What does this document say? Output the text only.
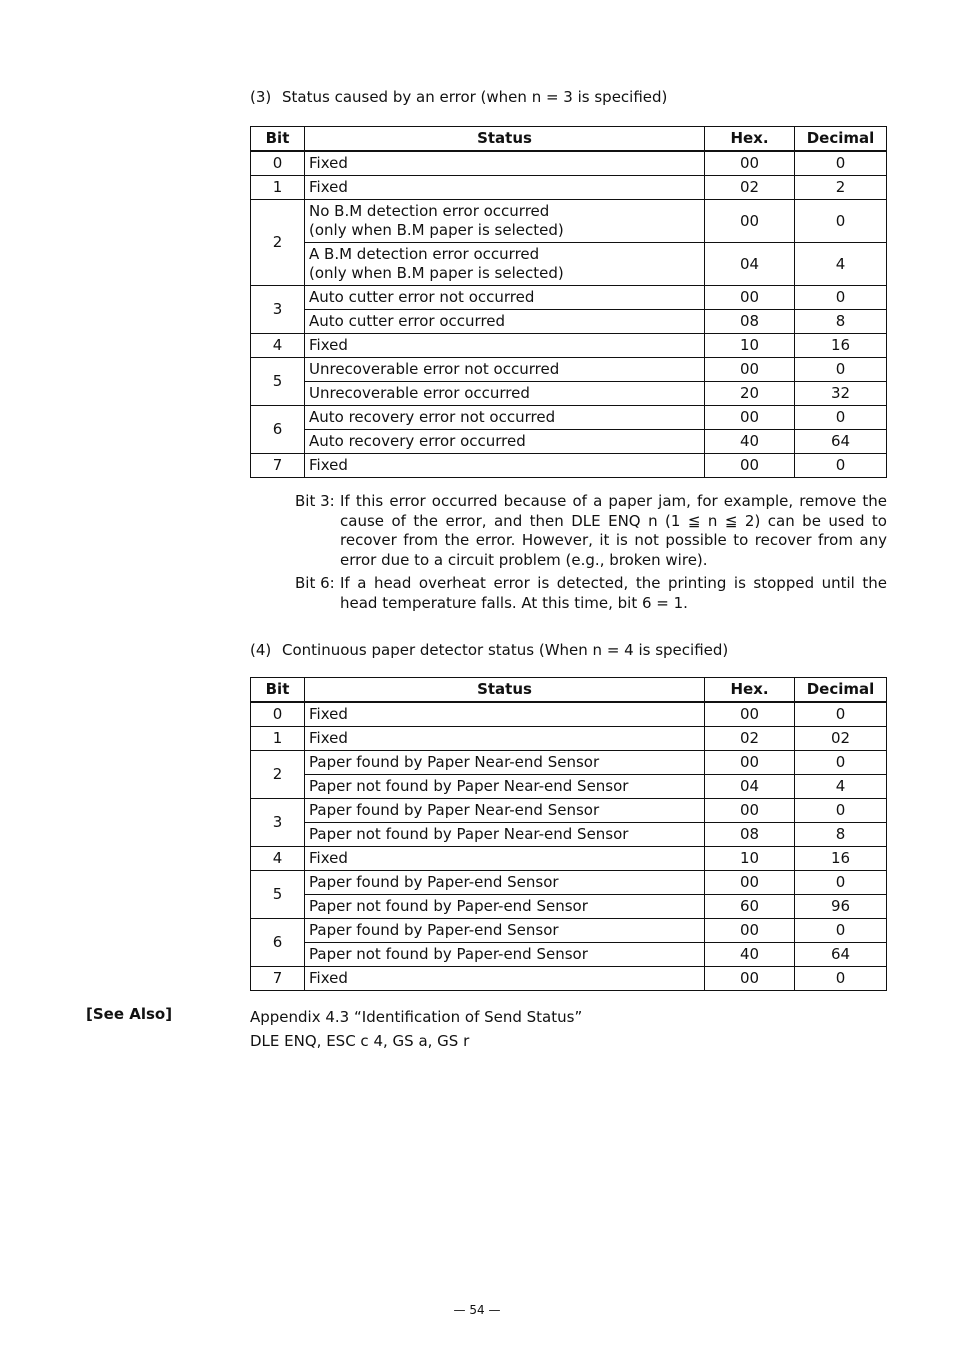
(3) Status caused by an error (when n = 3 is specified)
Bit	Status	Hex.	Decimal
0	Fixed	00	0
1	Fixed	02	2
2	No B.M detection error occurred
(only when B.M paper is selected)	00	0

	A B.M detection error occurred
(only when B.M paper is selected)	04	4
3	Auto cutter error not occurred	00	0
	Auto cutter error occurred	08	8
4	Fixed	10	16
5	Unrecoverable error not occurred	00	0
	Unrecoverable error occurred	20	32
6	Auto recovery error not occurred	00	0
	Auto recovery error occurred	40	64
7	Fixed	00	0
Bit 3: If this error occurred because of a paper jam, for example, remove the cause of the error, and then DLE ENQ n (1 ≦ n ≦ 2) can be used to recover from the error. However, it is not possible to recover from any error due to a circuit problem (e.g., broken wire).
Bit 6: If a head overheat error is detected, the printing is stopped until the head temperature falls. At this time, bit 6 = 1.
(4) Continuous paper detector status (When n = 4 is specified)
Bit	Status	Hex.	Decimal
0	Fixed	00	0
1	Fixed	02	02
2	Paper found by Paper Near-end Sensor	00	0
	Paper not found by Paper Near-end Sensor	04	4
3	Paper found by Paper Near-end Sensor	00	0
	Paper not found by Paper Near-end Sensor	08	8
4	Fixed	10	16
5	Paper found by Paper-end Sensor	00	0
	Paper not found by Paper-end Sensor	60	96
6	Paper found by Paper-end Sensor	00	0
	Paper not found by Paper-end Sensor	40	64
7	Fixed	00	0
[See Also]	Appendix 4.3 “Identification of Send Status”
DLE ENQ, ESC c 4, GS a, GS r
— 54 —
